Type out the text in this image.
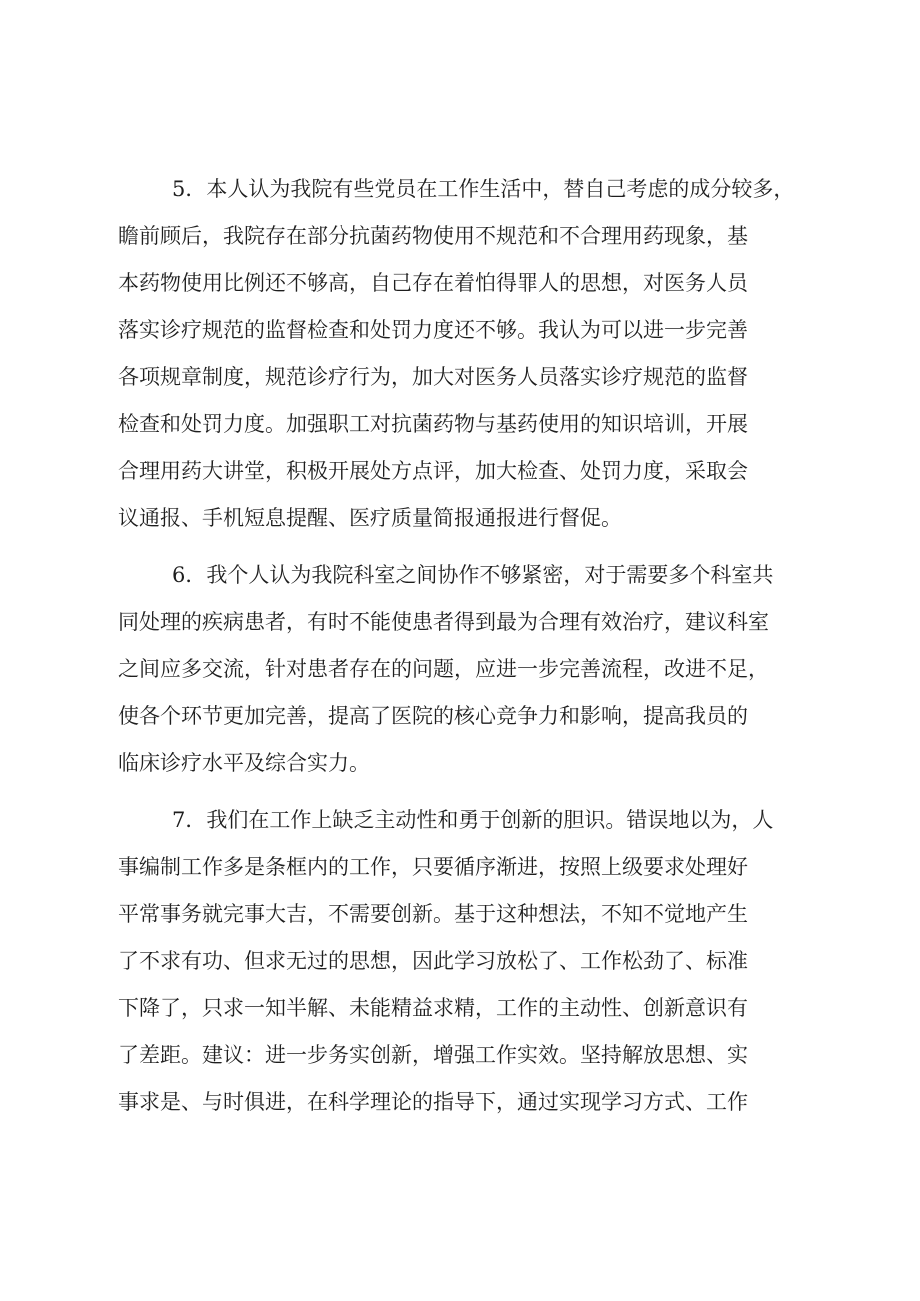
5．本人认为我院有些党员在工作生活中，替自己考虑的成分较多，
瞻前顾后，我院存在部分抗菌药物使用不规范和不合理用药现象，基
本药物使用比例还不够高，自己存在着怕得罪人的思想，对医务人员
落实诊疗规范的监督检查和处罚力度还不够。我认为可以进一步完善
各项规章制度，规范诊疗行为，加大对医务人员落实诊疗规范的监督
检查和处罚力度。加强职工对抗菌药物与基药使用的知识培训，开展
合理用药大讲堂，积极开展处方点评，加大检查、处罚力度，采取会
议通报、手机短息提醒、医疗质量简报通报进行督促。
6．我个人认为我院科室之间协作不够紧密，对于需要多个科室共
同处理的疾病患者，有时不能使患者得到最为合理有效治疗，建议科室
之间应多交流，针对患者存在的问题，应进一步完善流程，改进不足，
使各个环节更加完善，提高了医院的核心竞争力和影响，提高我员的
临床诊疗水平及综合实力。
7．我们在工作上缺乏主动性和勇于创新的胆识。错误地以为，人
事编制工作多是条框内的工作，只要循序渐进，按照上级要求处理好
平常事务就完事大吉，不需要创新。基于这种想法，不知不觉地产生
了不求有功、但求无过的思想，因此学习放松了、工作松劲了、标准
下降了，只求一知半解、未能精益求精，工作的主动性、创新意识有
了差距。建议：进一步务实创新，增强工作实效。坚持解放思想、实
事求是、与时俱进，在科学理论的指导下，通过实现学习方式、工作
